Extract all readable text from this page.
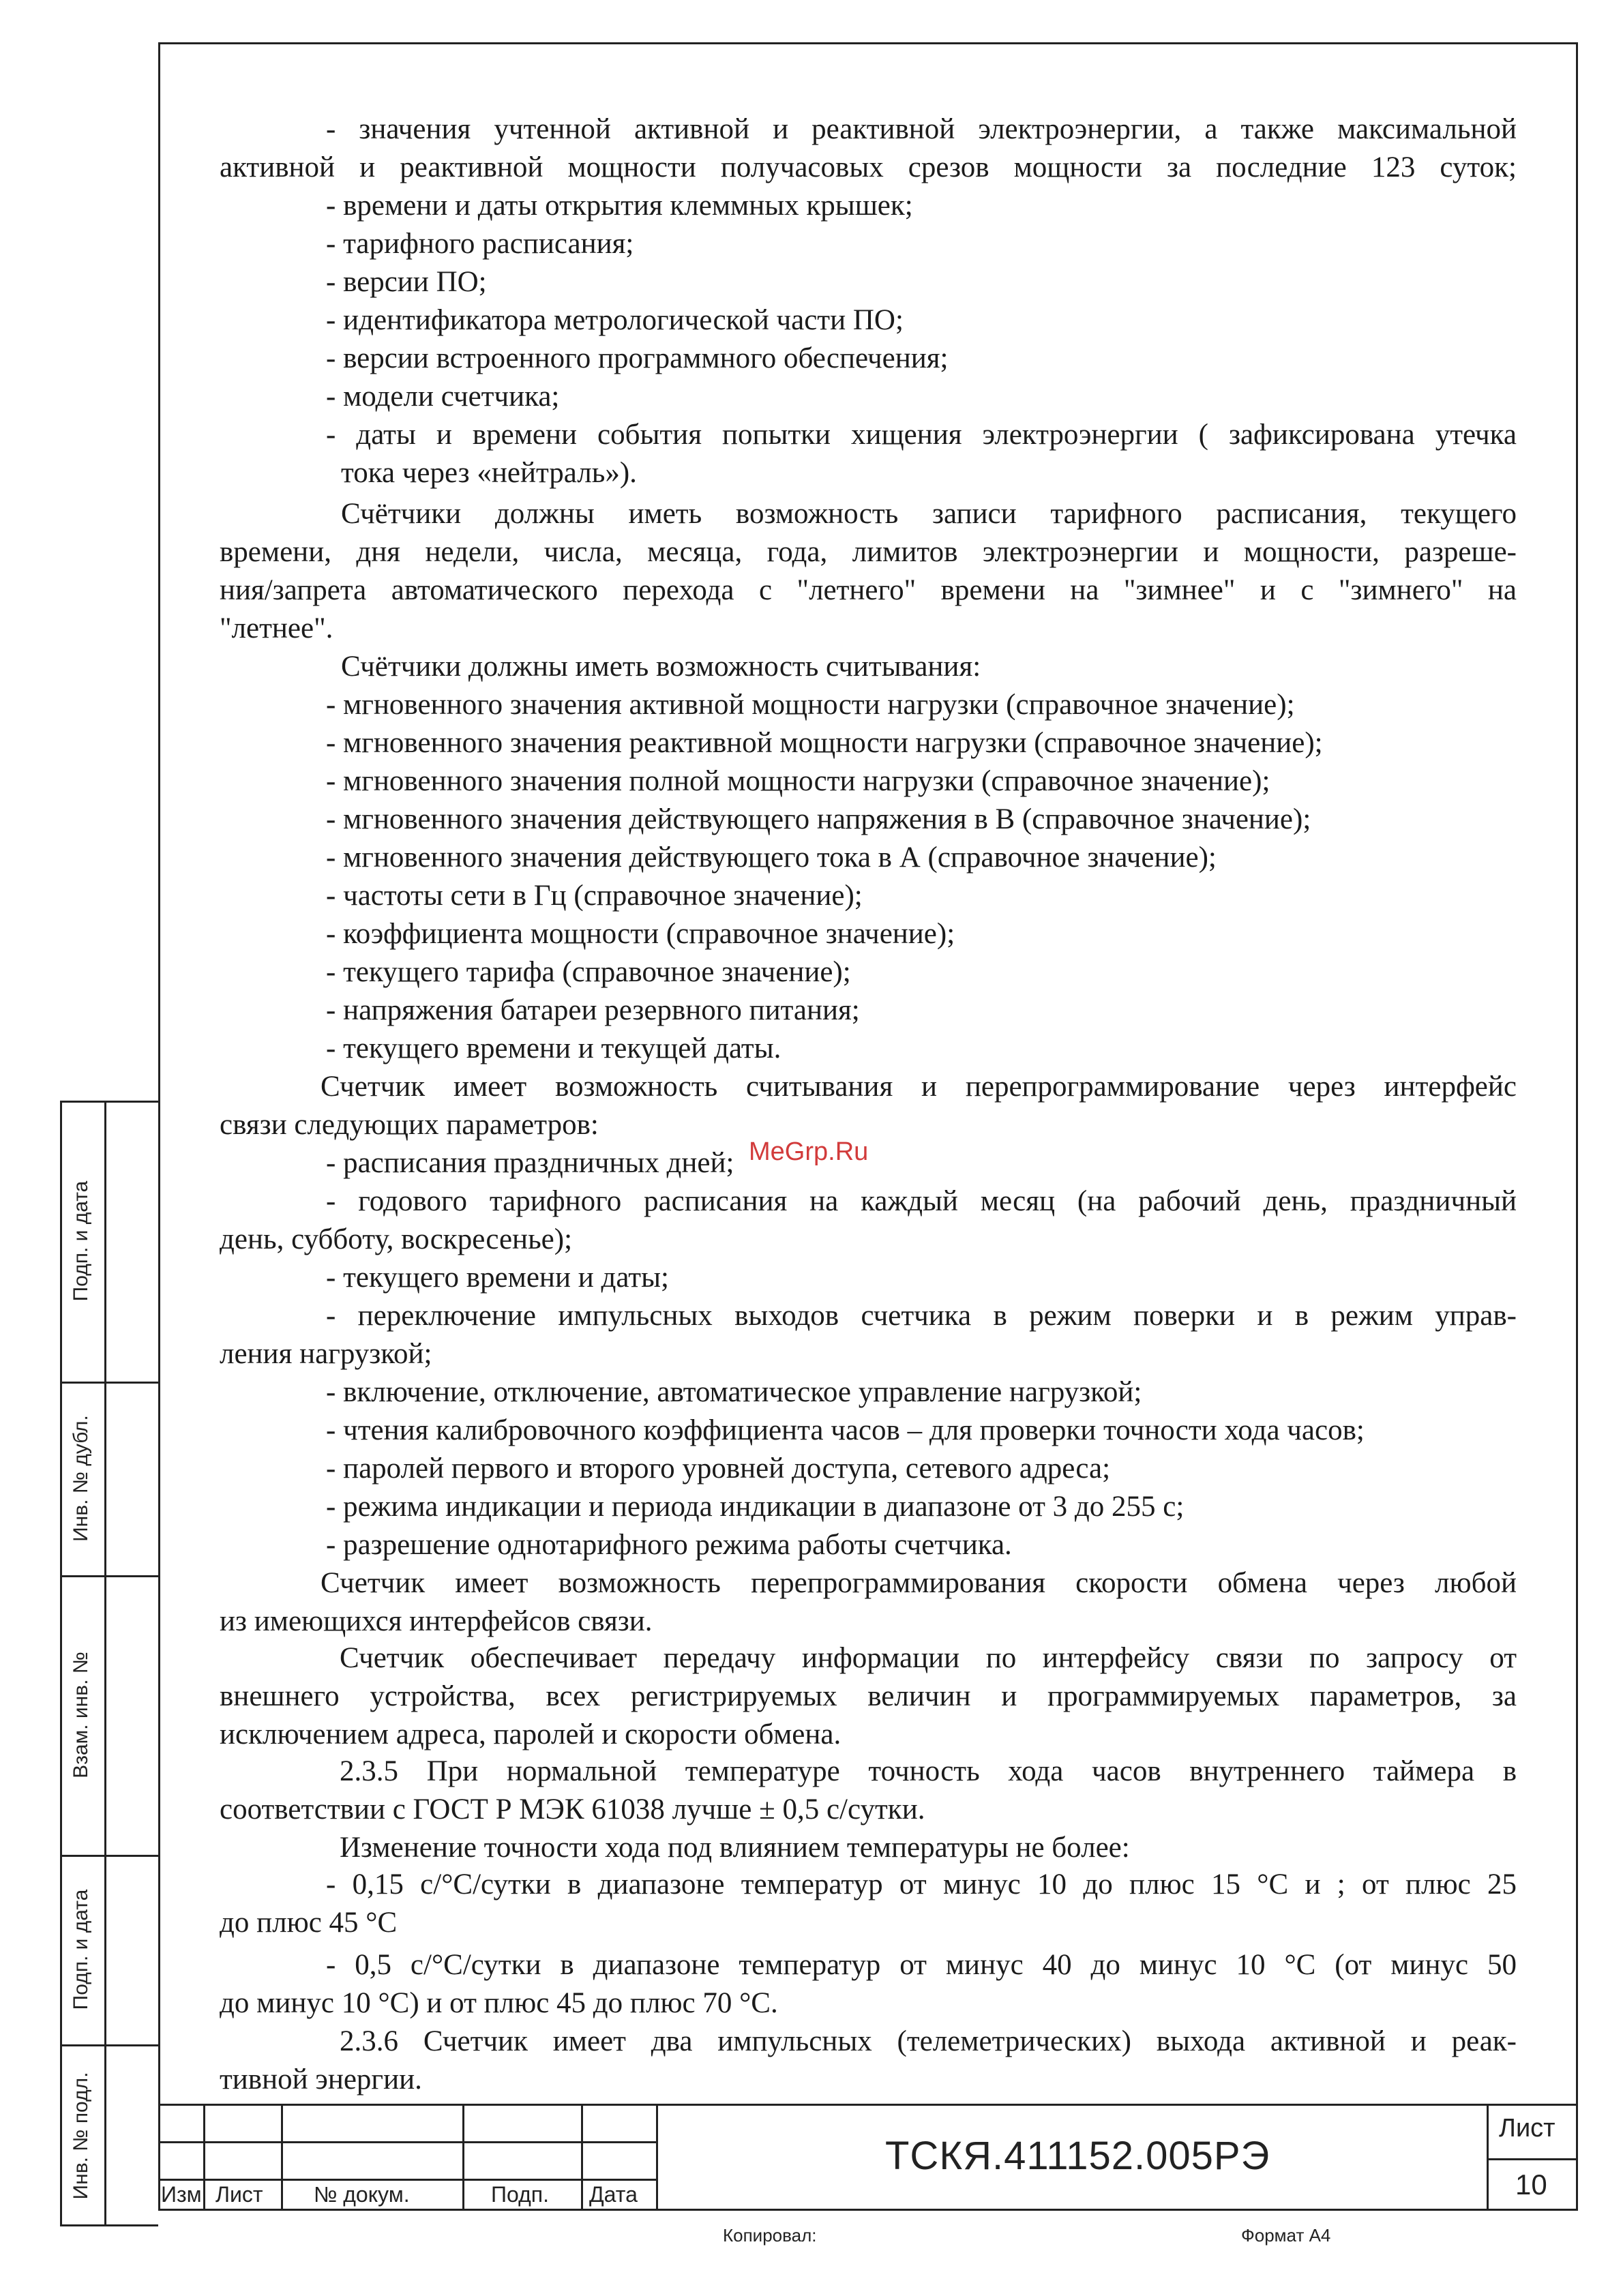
- значения учтенной активной и реактивной электроэнергии, а также максимальной
активной и реактивной мощности получасовых срезов мощности за последние 123 суток;
- времени и даты открытия клеммных крышек;
- тарифного расписания;
- версии ПО;
- идентификатора метрологической части ПО;
- версии встроенного программного обеспечения;
- модели счетчика;
- даты и времени события попытки хищения электроэнергии ( зафиксирована утечка
тока через «нейтраль»).
Счётчики должны иметь возможность записи тарифного расписания, текущего
времени, дня недели, числа, месяца, года, лимитов электроэнергии и мощности, разреше-
ния/запрета автоматического перехода с "летнего" времени на "зимнее" и с "зимнего" на
"летнее".
Счётчики должны иметь возможность считывания:
- мгновенного значения активной мощности нагрузки (справочное значение);
- мгновенного значения реактивной мощности нагрузки (справочное значение);
- мгновенного значения полной мощности нагрузки (справочное значение);
- мгновенного значения действующего напряжения в В (справочное значение);
- мгновенного значения действующего тока в А (справочное значение);
- частоты сети в Гц (справочное значение);
- коэффициента мощности (справочное значение);
- текущего тарифа (справочное значение);
- напряжения батареи резервного питания;
- текущего времени и текущей даты.
Счетчик имеет возможность считывания и перепрограммирование через интерфейс
связи следующих параметров:
- расписания праздничных дней;
- годового тарифного расписания на каждый месяц (на рабочий день, праздничный
день, субботу, воскресенье);
- текущего времени и даты;
- переключение импульсных выходов счетчика в режим поверки и в режим управ-
ления нагрузкой;
- включение, отключение, автоматическое управление нагрузкой;
- чтения калибровочного коэффициента часов – для проверки точности хода часов;
- паролей первого и второго уровней доступа, сетевого адреса;
- режима индикации и периода индикации в диапазоне от 3 до 255 с;
- разрешение однотарифного режима работы счетчика.
Счетчик имеет возможность перепрограммирования скорости обмена через любой
из имеющихся интерфейсов связи.
Счетчик обеспечивает передачу информации по интерфейсу связи по запросу от
внешнего устройства, всех регистрируемых величин и программируемых параметров, за
исключением адреса, паролей и скорости обмена.
2.3.5 При нормальной температуре точность хода часов внутреннего таймера в
соответствии с ГОСТ Р МЭК 61038 лучше ± 0,5 с/сутки.
Изменение точности хода под влиянием температуры не более:
- 0,15 с/°С/сутки в диапазоне температур от минус 10 до плюс 15 °С и ; от плюс 25
до плюс 45 °С
- 0,5 с/°С/сутки в диапазоне температур от минус 40 до минус 10 °С (от минус 50
до минус 10 °С) и от плюс 45 до плюс 70 °С.
2.3.6 Счетчик имеет два импульсных (телеметрических) выхода активной и реак-
тивной энергии.
MeGrp.Ru
Подп. и дата
Инв. № дубл.
Взам. инв. №
Подп. и дата
Инв. № подл.	Изм Лист № докум.	Подп. Дата
ТСКЯ.411152.005РЭ
Лист
10
Копировал:	Формат А4
